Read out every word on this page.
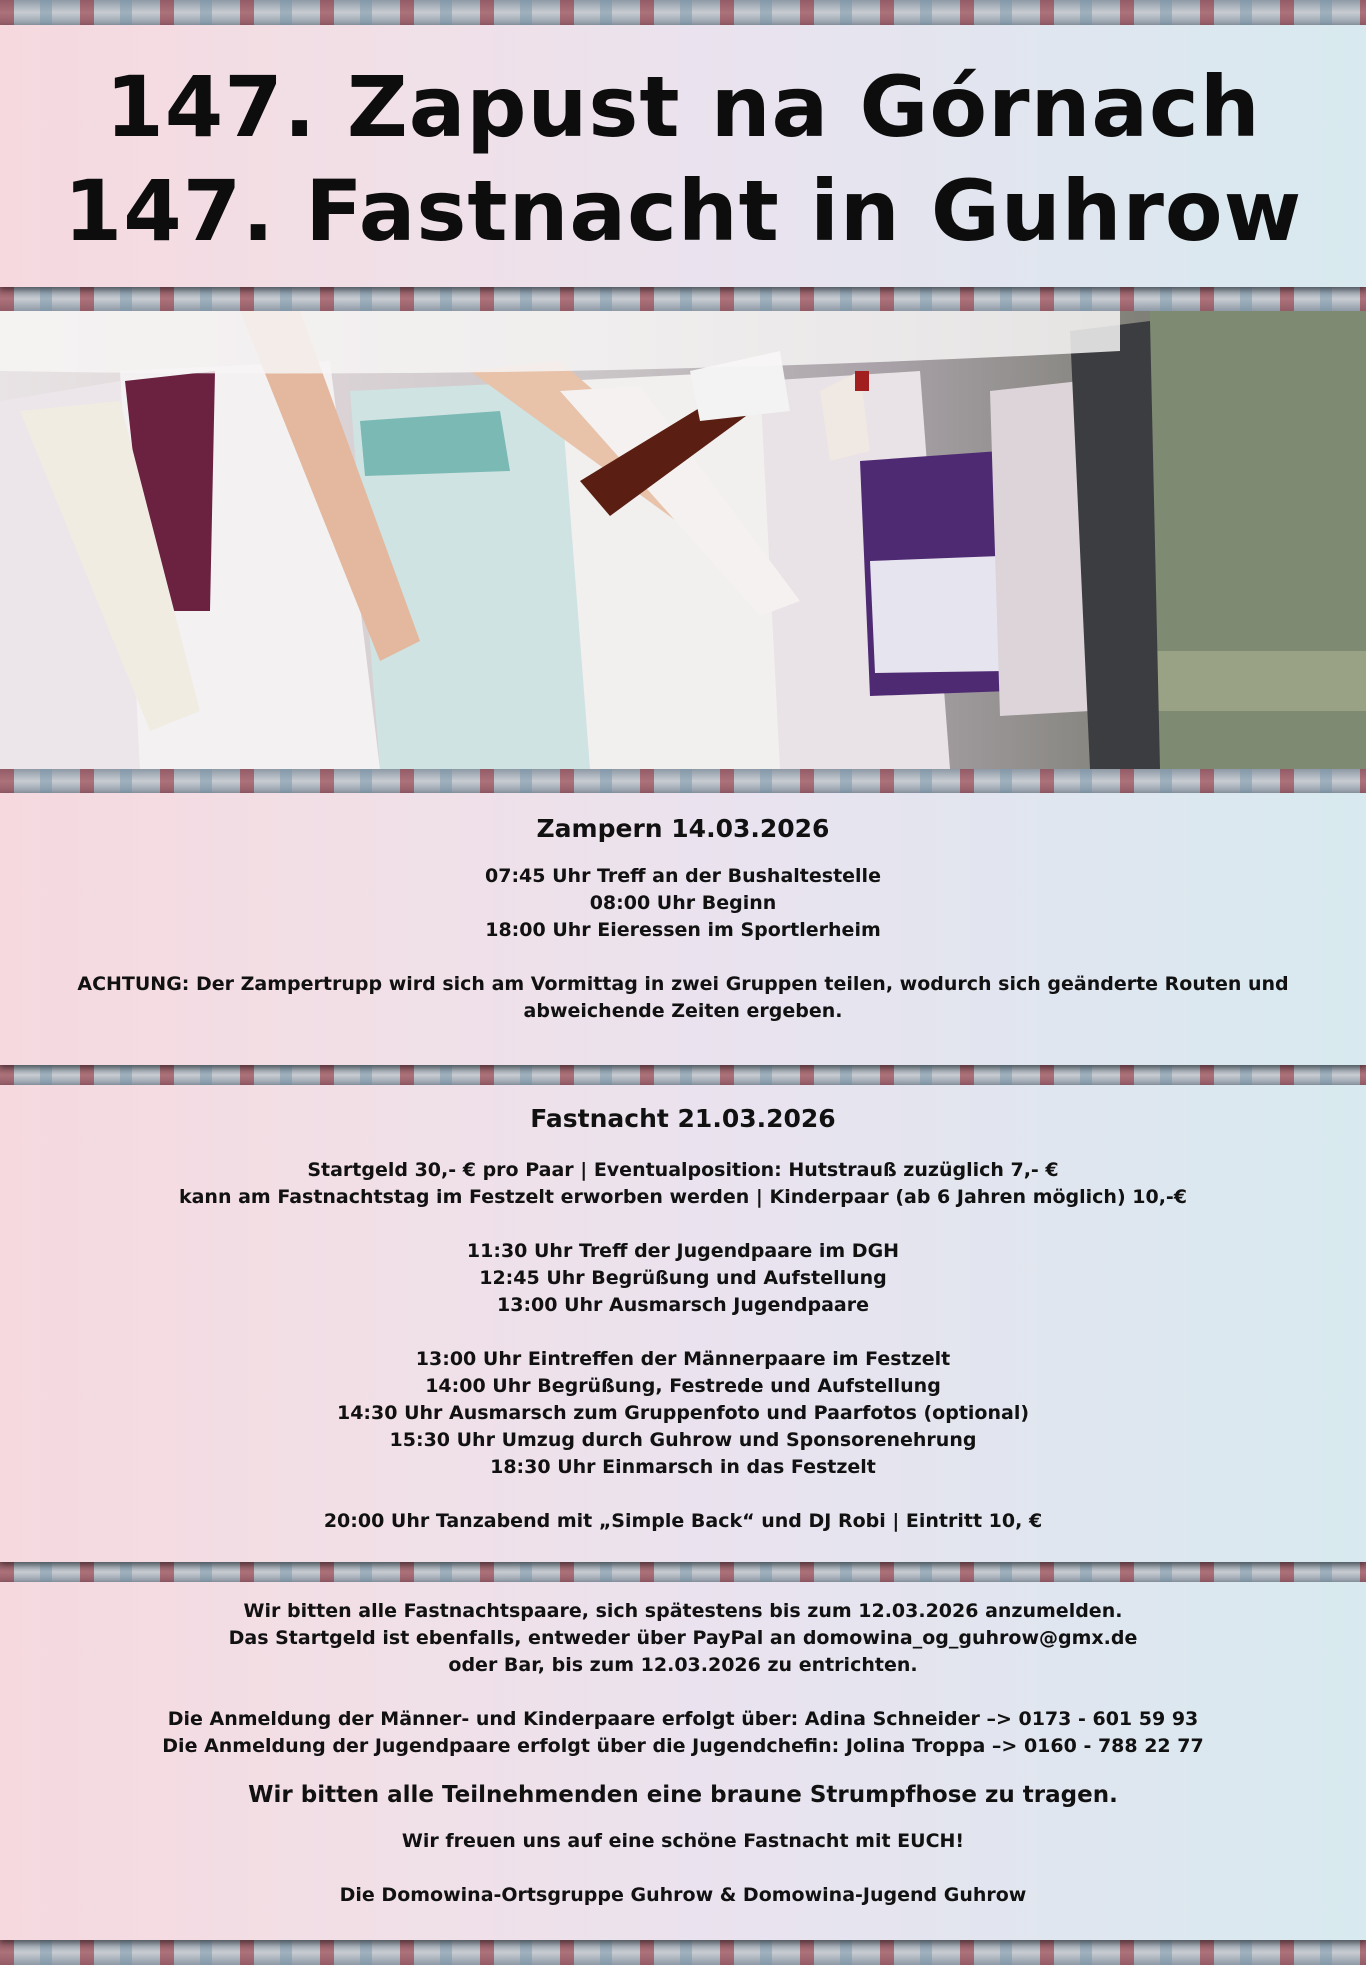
147. Zapust na Górnach
147. Fastnacht in Guhrow
Zampern 14.03.2026
07:45 Uhr Treff an der Bushaltestelle
08:00 Uhr Beginn
18:00 Uhr Eieressen im Sportlerheim
ACHTUNG: Der Zampertrupp wird sich am Vormittag in zwei Gruppen teilen, wodurch sich geänderte Routen und
abweichende Zeiten ergeben.
Fastnacht 21.03.2026
Startgeld 30,- € pro Paar | Eventualposition: Hutstrauß zuzüglich 7,- €
kann am Fastnachtstag im Festzelt erworben werden | Kinderpaar (ab 6 Jahren möglich) 10,-€
11:30 Uhr Treff der Jugendpaare im DGH
12:45 Uhr Begrüßung und Aufstellung
13:00 Uhr Ausmarsch Jugendpaare
13:00 Uhr Eintreffen der Männerpaare im Festzelt
14:00 Uhr Begrüßung, Festrede und Aufstellung
14:30 Uhr Ausmarsch zum Gruppenfoto und Paarfotos (optional)
15:30 Uhr Umzug durch Guhrow und Sponsorenehrung
18:30 Uhr Einmarsch in das Festzelt
20:00 Uhr Tanzabend mit „Simple Back“ und DJ Robi | Eintritt 10, €
Wir bitten alle Fastnachtspaare, sich spätestens bis zum 12.03.2026 anzumelden.
Das Startgeld ist ebenfalls, entweder über PayPal an domowina_og_guhrow@gmx.de
oder Bar, bis zum 12.03.2026 zu entrichten.
Die Anmeldung der Männer- und Kinderpaare erfolgt über: Adina Schneider –> 0173 - 601 59 93
Die Anmeldung der Jugendpaare erfolgt über die Jugendchefin: Jolina Troppa –> 0160 - 788 22 77
Wir bitten alle Teilnehmenden eine braune Strumpfhose zu tragen.
Wir freuen uns auf eine schöne Fastnacht mit EUCH!
Die Domowina-Ortsgruppe Guhrow & Domowina-Jugend Guhrow
